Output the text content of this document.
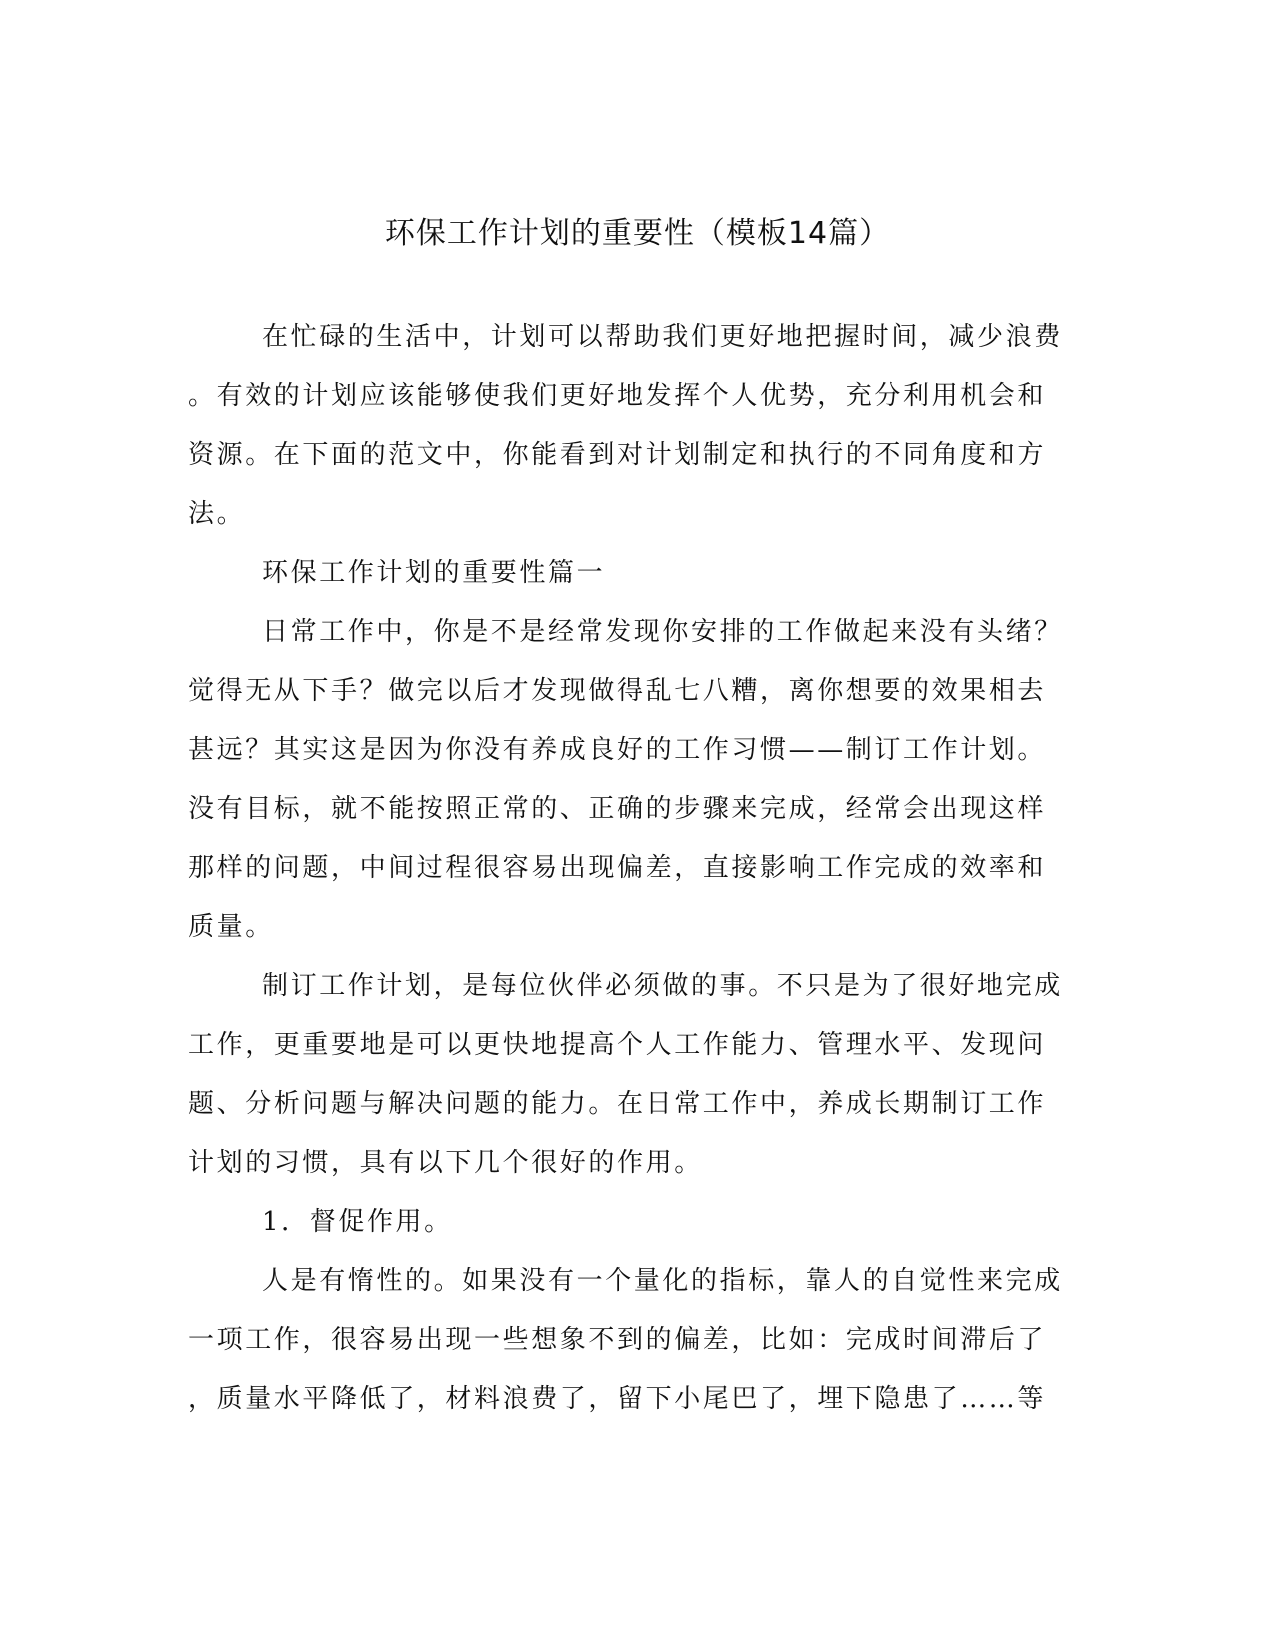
环保工作计划的重要性（模板14篇）
在忙碌的生活中，计划可以帮助我们更好地把握时间，减少浪费
。有效的计划应该能够使我们更好地发挥个人优势，充分利用机会和
资源。在下面的范文中，你能看到对计划制定和执行的不同角度和方
法。
环保工作计划的重要性篇一
日常工作中，你是不是经常发现你安排的工作做起来没有头绪？
觉得无从下手？做完以后才发现做得乱七八糟，离你想要的效果相去
甚远？其实这是因为你没有养成良好的工作习惯——制订工作计划。
没有目标，就不能按照正常的、正确的步骤来完成，经常会出现这样
那样的问题，中间过程很容易出现偏差，直接影响工作完成的效率和
质量。
制订工作计划，是每位伙伴必须做的事。不只是为了很好地完成
工作，更重要地是可以更快地提高个人工作能力、管理水平、发现问
题、分析问题与解决问题的能力。在日常工作中，养成长期制订工作
计划的习惯，具有以下几个很好的作用。
1．督促作用。
人是有惰性的。如果没有一个量化的指标，靠人的自觉性来完成
一项工作，很容易出现一些想象不到的偏差，比如：完成时间滞后了
，质量水平降低了，材料浪费了，留下小尾巴了，埋下隐患了……等
